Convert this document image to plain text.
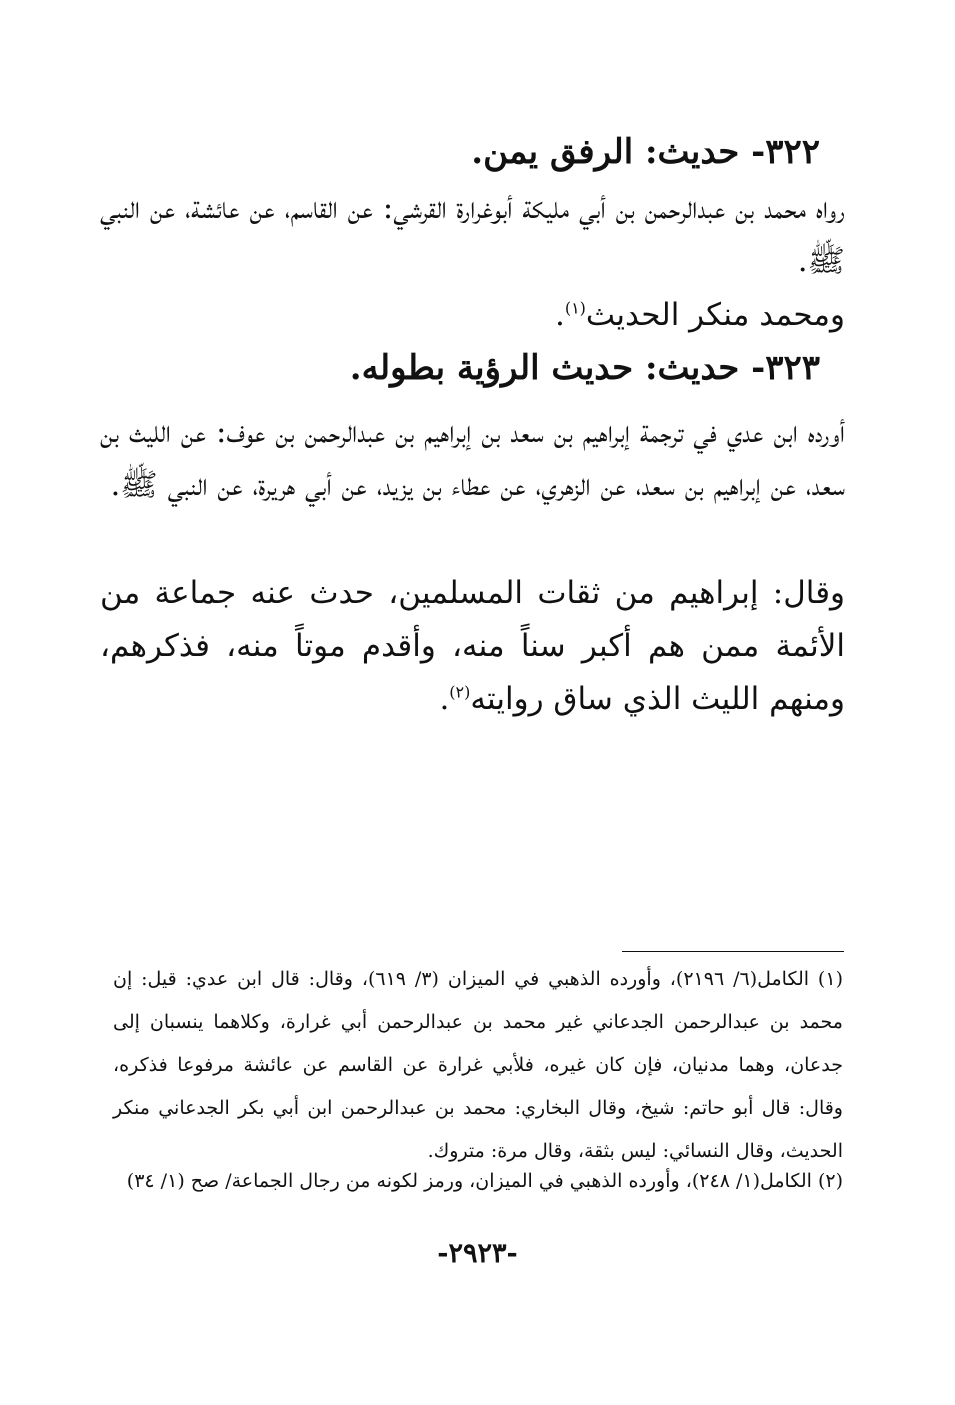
٣٢٢- حديث: الرفق يمن.
رواه محمد بن عبدالرحمن بن أبي مليكة أبوغرارة القرشي: عن القاسم، عن عائشة، عن النبي ﷺ.
ومحمد منكر الحديث$^{(١)}$.
٣٢٣- حديث: حديث الرؤية بطوله.
أورده ابن عدي في ترجمة إبراهيم بن سعد بن إبراهيم بن عبدالرحمن بن عوف: عن الليث بن سعد، عن إبراهيم بن سعد، عن الزهري، عن عطاء بن يزيد، عن أبي هريرة، عن النبي ﷺ.
وقال: إبراهيم من ثقات المسلمين، حدث عنه جماعة من الأئمة ممن هم أكبر سناً منه، وأقدم موتاً منه، فذكرهم، ومنهم الليث الذي ساق روايته$^{(٢)}$.
(١) الكامل(٦/ ٢١٩٦)، وأورده الذهبي في الميزان (٣/ ٦١٩)، وقال: قال ابن عدي: قيل: إن محمد بن عبدالرحمن الجدعاني غير محمد بن عبدالرحمن أبي غرارة، وكلاهما ينسبان إلى جدعان، وهما مدنيان، فإن كان غيره، فلأبي غرارة عن القاسم عن عائشة مرفوعا فذكره، وقال: قال أبو حاتم: شيخ، وقال البخاري: محمد بن عبدالرحمن ابن أبي بكر الجدعاني منكر الحديث، وقال النسائي: ليس بثقة، وقال مرة: متروك.
(٢) الكامل(١/ ٢٤٨)، وأورده الذهبي في الميزان، ورمز لكونه من رجال الجماعة/ صح (١/ ٣٤)
-٢٩٢٣-
